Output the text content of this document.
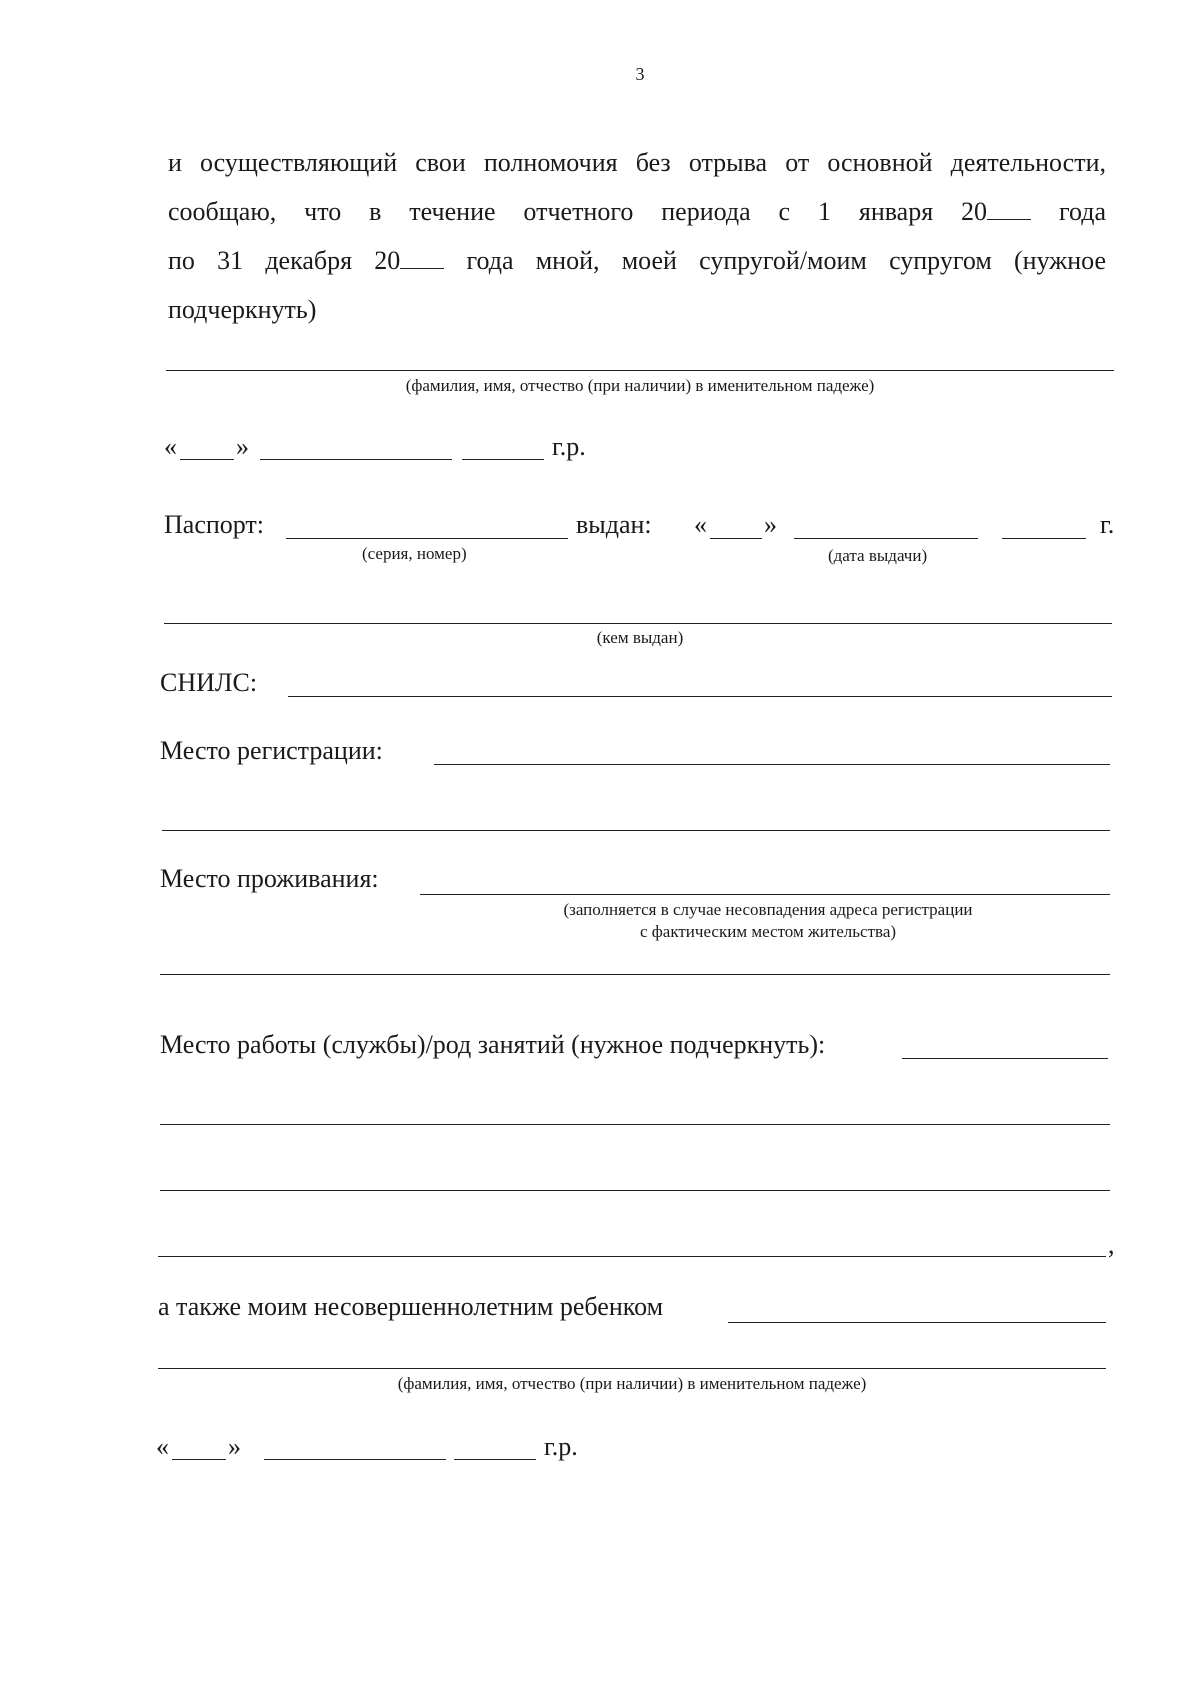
3
и осуществляющий свои полномочия без отрыва от основной деятельности,
сообщаю, что в течение отчетного периода с 1 января 20 года
по 31 декабря 20 года мной, моей супругой/моим супругом (нужное
подчеркнуть)
(фамилия, имя, отчество (при наличии) в именительном падеже)
« »	г.р.
Паспорт:	выдан: « »	г.
(серия, номер)	(дата выдачи)
(кем выдан)
СНИЛС:
Место регистрации:
Место проживания:
(заполняется в случае несовпадения адреса регистрации
с фактическим местом жительства)
Место работы (службы)/род занятий (нужное подчеркнуть):
,
а также моим несовершеннолетним ребенком
(фамилия, имя, отчество (при наличии) в именительном падеже)
« »	г.р.
